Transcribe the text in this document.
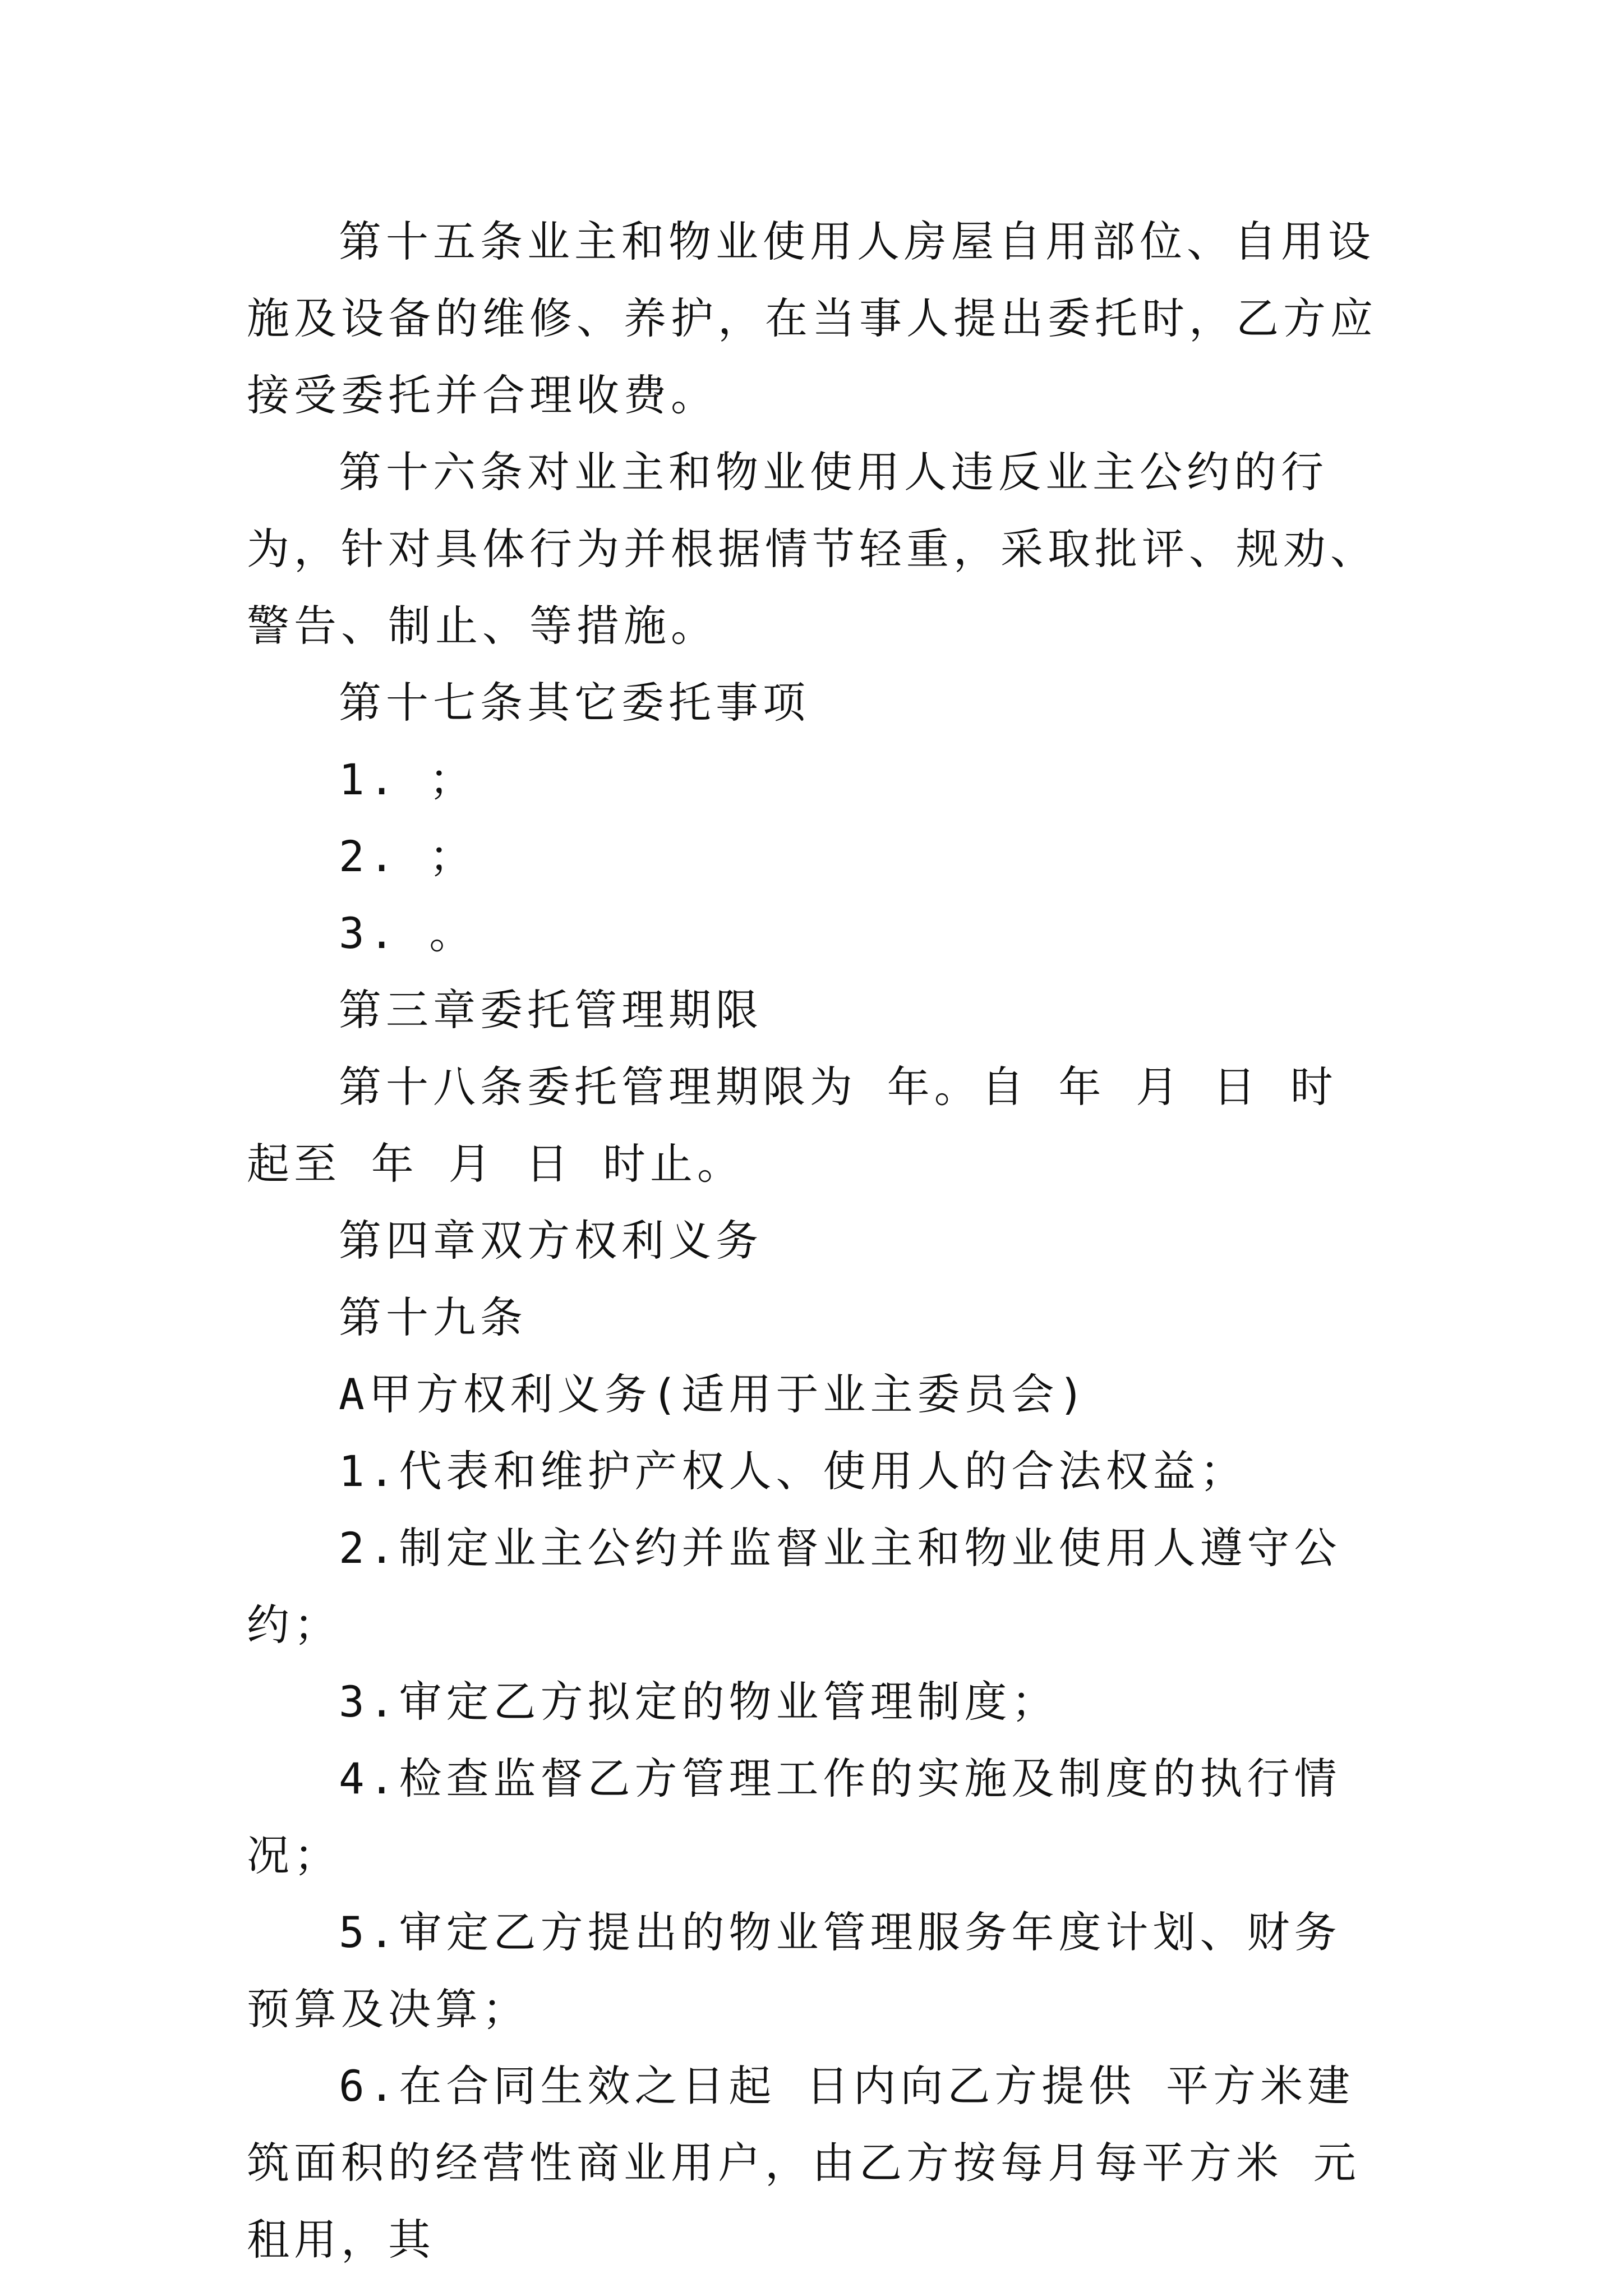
第十五条业主和物业使用人房屋自用部位、自用设施及设备的维修、养护，在当事人提出委托时，乙方应接受委托并合理收费。

第十六条对业主和物业使用人违反业主公约的行为，针对具体行为并根据情节轻重，采取批评、规劝、警告、制止、等措施。

第十七条其它委托事项

1. ；

2. ；

3. 。

第三章委托管理期限

第十八条委托管理期限为 年。自 年 月 日 时起至 年 月 日 时止。

第四章双方权利义务

第十九条

A甲方权利义务(适用于业主委员会)

1.代表和维护产权人、使用人的合法权益；

2.制定业主公约并监督业主和物业使用人遵守公约；

3.审定乙方拟定的物业管理制度；

4.检查监督乙方管理工作的实施及制度的执行情况；

5.审定乙方提出的物业管理服务年度计划、财务预算及决算；

6.在合同生效之日起 日内向乙方提供 平方米建筑面积的经营性商业用户，由乙方按每月每平方米 元租用，其
